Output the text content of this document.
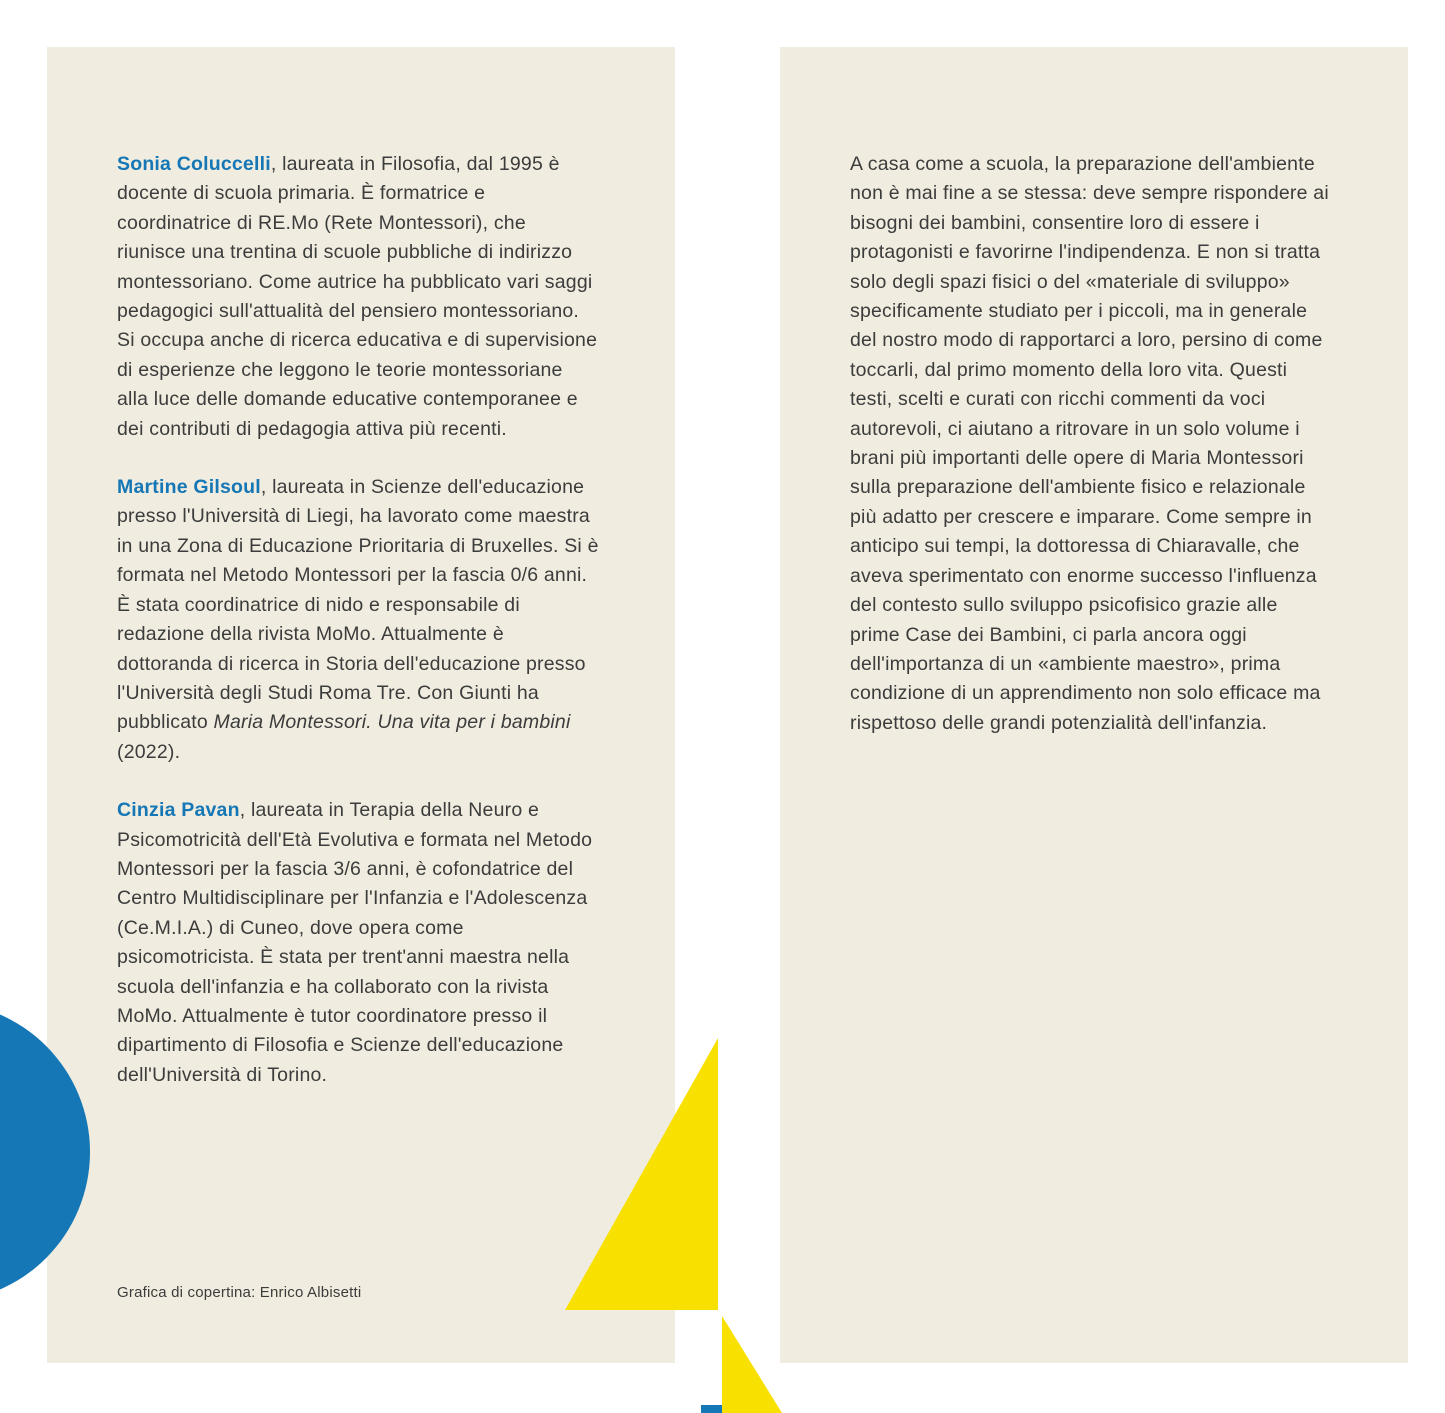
Sonia Coluccelli, laureata in Filosofia, dal 1995 è docente di scuola primaria. È formatrice e coordinatrice di RE.Mo (Rete Montessori), che riunisce una trentina di scuole pubbliche di indirizzo montessoriano. Come autrice ha pubblicato vari saggi pedagogici sull'attualità del pensiero montessoriano. Si occupa anche di ricerca educativa e di supervisione di esperienze che leggono le teorie montessoriane alla luce delle domande educative contemporanee e dei contributi di pedagogia attiva più recenti.

Martine Gilsoul, laureata in Scienze dell'educazione presso l'Università di Liegi, ha lavorato come maestra in una Zona di Educazione Prioritaria di Bruxelles. Si è formata nel Metodo Montessori per la fascia 0/6 anni. È stata coordinatrice di nido e responsabile di redazione della rivista MoMo. Attualmente è dottoranda di ricerca in Storia dell'educazione presso l'Università degli Studi Roma Tre. Con Giunti ha pubblicato Maria Montessori. Una vita per i bambini (2022).

Cinzia Pavan, laureata in Terapia della Neuro e Psicomotricità dell'Età Evolutiva e formata nel Metodo Montessori per la fascia 3/6 anni, è cofondatrice del Centro Multidisciplinare per l'Infanzia e l'Adolescenza (Ce.M.I.A.) di Cuneo, dove opera come psicomotricista. È stata per trent'anni maestra nella scuola dell'infanzia e ha collaborato con la rivista MoMo. Attualmente è tutor coordinatore presso il dipartimento di Filosofia e Scienze dell'educazione dell'Università di Torino.

Grafica di copertina: Enrico Albisetti

A casa come a scuola, la preparazione dell'ambiente non è mai fine a se stessa: deve sempre rispondere ai bisogni dei bambini, consentire loro di essere i protagonisti e favorirne l'indipendenza. E non si tratta solo degli spazi fisici o del «materiale di sviluppo» specificamente studiato per i piccoli, ma in generale del nostro modo di rapportarci a loro, persino di come toccarli, dal primo momento della loro vita. Questi testi, scelti e curati con ricchi commenti da voci autorevoli, ci aiutano a ritrovare in un solo volume i brani più importanti delle opere di Maria Montessori sulla preparazione dell'ambiente fisico e relazionale più adatto per crescere e imparare. Come sempre in anticipo sui tempi, la dottoressa di Chiaravalle, che aveva sperimentato con enorme successo l'influenza del contesto sullo sviluppo psicofisico grazie alle prime Case dei Bambini, ci parla ancora oggi dell'importanza di un «ambiente maestro», prima condizione di un apprendimento non solo efficace ma rispettoso delle grandi potenzialità dell'infanzia.
